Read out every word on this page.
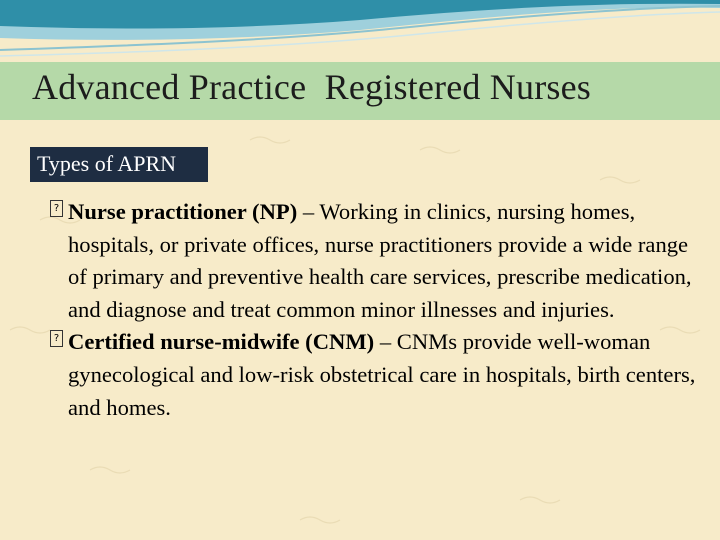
Advanced Practice  Registered Nurses
Types of APRN
? Nurse practitioner (NP) – Working in clinics, nursing homes, hospitals, or private offices, nurse practitioners provide a wide range of primary and preventive health care services, prescribe medication, and diagnose and treat common minor illnesses and injuries.
? Certified nurse-midwife (CNM) – CNMs provide well-woman gynecological and low-risk obstetrical care in hospitals, birth centers, and homes.
